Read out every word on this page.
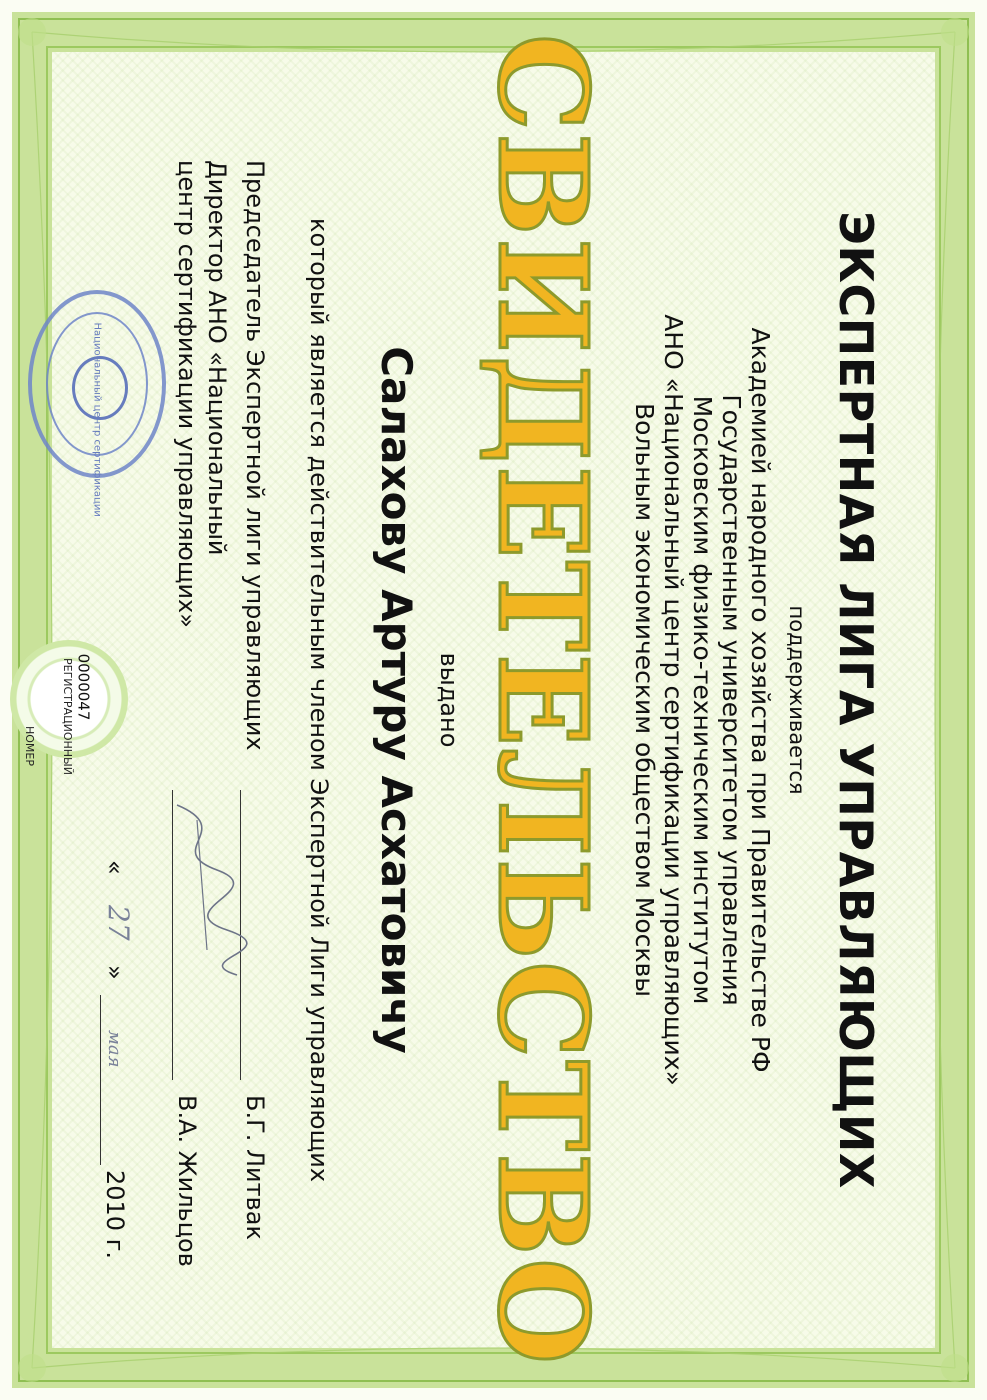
Национальный центр сертификации
РЕГИСТРАЦИОННЫЙ
НОМЕР
0000047	ЭКСПЕРТНАЯ ЛИГА УПРАВЛЯЮЩИХ
поддерживается
Академией народного хозяйства при Правительстве РФ
Государственным университетом управления
Московским физико-техническим институтом
АНО «Национальный центр сертификации управляющих»
Вольным экономическим обществом Москвы
СВИДЕТЕЛЬСТВО
выдано
Салахову Артуру Асхатовичу
который является действительным членом Экспертной Лиги управляющих
Председатель Экспертной лиги управляющих
Б.Г. Литвак
Директор АНО «Национальный
центр сертификации управляющих»
В.А. Жильцов
«
27
»
мая
2010 г.
